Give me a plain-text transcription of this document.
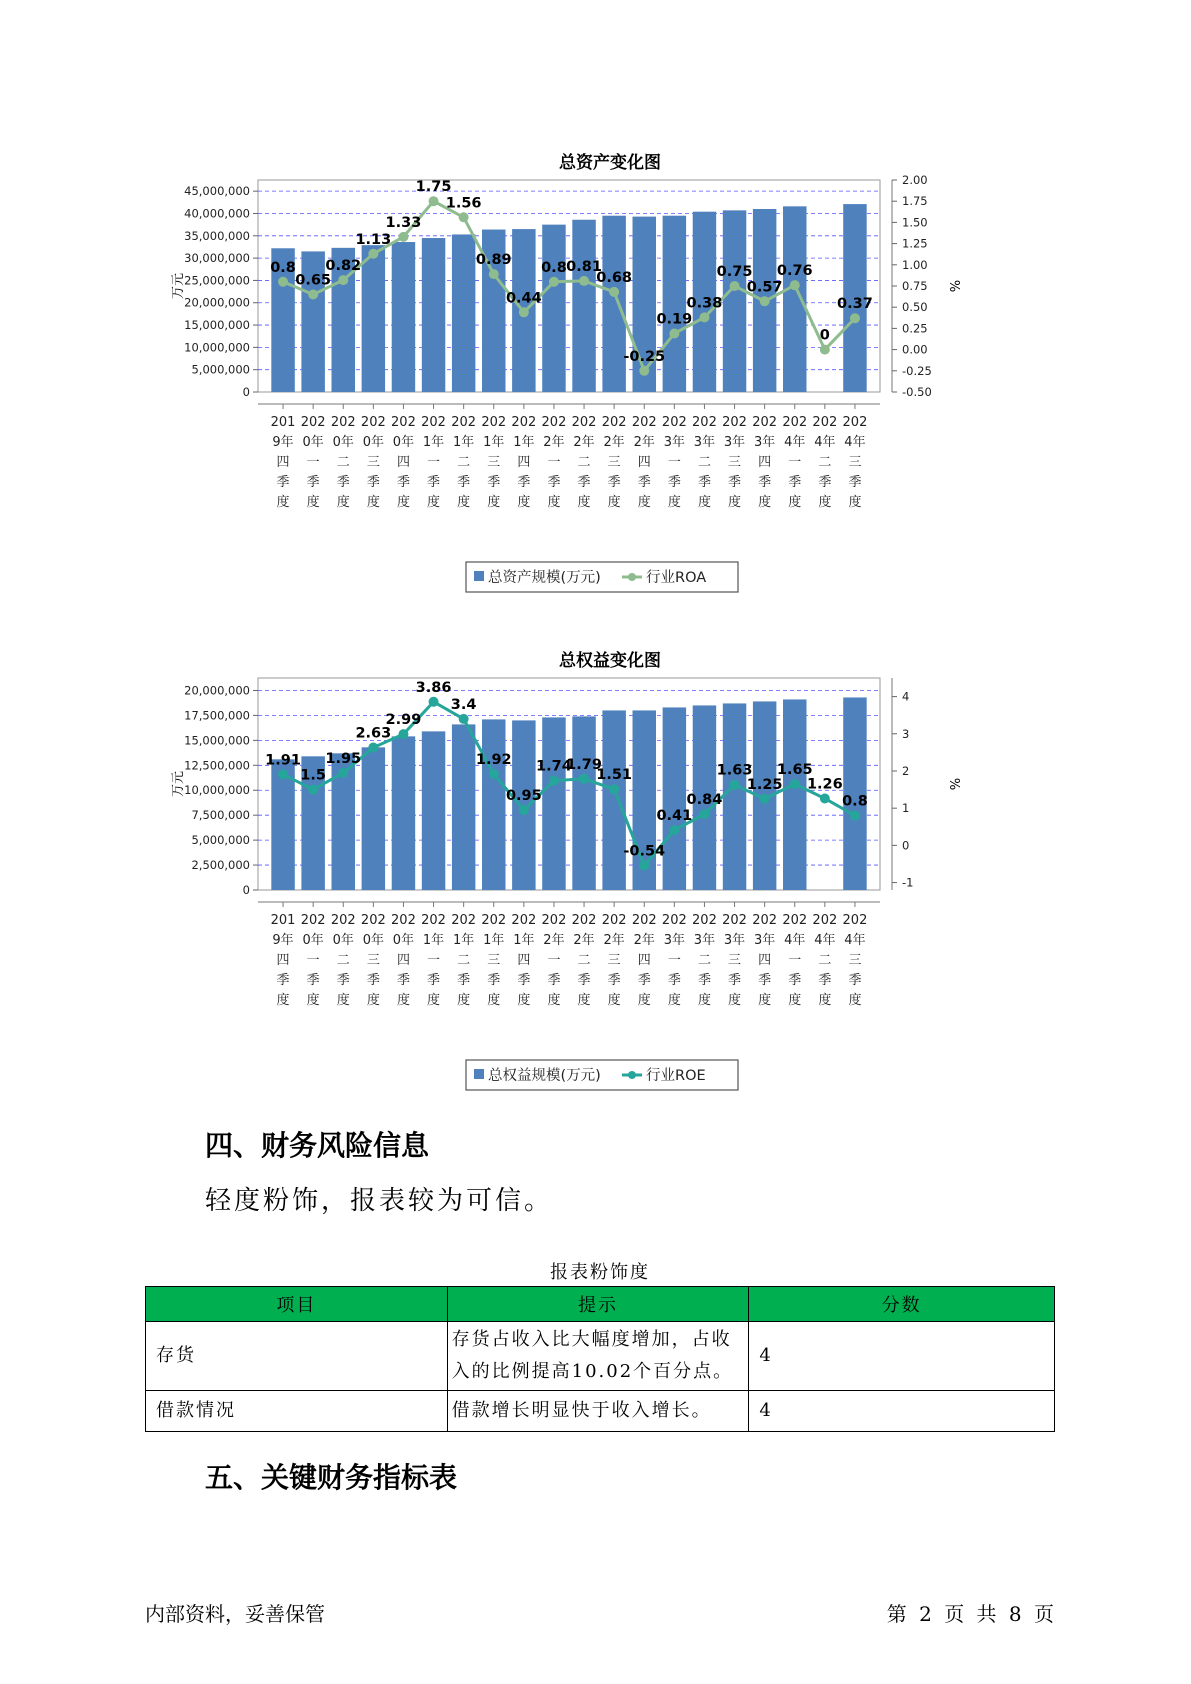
总资产变化图
0
5,000,000
10,000,000
15,000,000
20,000,000
25,000,000
30,000,000
35,000,000
40,000,000
45,000,000
-0.50
-0.25
0.00
0.25
0.50
0.75
1.00
1.25
1.50
1.75
2.00
万元	%
0.8
0.65
0.82
1.13
1.33
1.75
1.56
0.89
0.44
0.8 0.81
0.68
-0.25
0.19
0.38
0.75
0.57
0.76
0
0.37
201
9年
四
季
度
202
0年
一
季
度
202
0年
二
季
度
202
0年
三
季
度
202
0年
四
季
度
202
1年
一
季
度
202
1年
二
季
度
202
1年
三
季
度
202
1年
四
季
度
202
2年
一
季
度
202
2年
二
季
度
202
2年
三
季
度
202
2年
四
季
度
202
3年
一
季
度
202
3年
二
季
度
202
3年
三
季
度
202
3年
四
季
度
202
4年
一
季
度
202
4年
二
季
度
202
4年
三
季
度
总资产规模(万元)	行业ROA
总权益变化图
0
2,500,000
5,000,000
7,500,000
10,000,000
12,500,000
15,000,000
17,500,000
20,000,000
-1
0
1
2
3
4
万元	%
1.91
1.5
1.95
2.63
2.99
3.86
3.4
1.92
0.95
1.74
1.79
1.51
-0.54
0.41
0.84
1.63
1.25
1.65
1.26
0.8
201
9年
四
季
度
202
0年
一
季
度
202
0年
二
季
度
202
0年
三
季
度
202
0年
四
季
度
202
1年
一
季
度
202
1年
二
季
度
202
1年
三
季
度
202
1年
四
季
度
202
2年
一
季
度
202
2年
二
季
度
202
2年
三
季
度
202
2年
四
季
度
202
3年
一
季
度
202
3年
二
季
度
202
3年
三
季
度
202
3年
四
季
度
202
4年
一
季
度
202
4年
二
季
度
202
4年
三
季
度
总权益规模(万元)	行业ROE
四、财务风险信息

轻度粉饰，报表较为可信。

报表粉饰度
项目	提示	分数
存货	存货占收入比大幅度增加，占收入的比例提高10.02个百分点。	4
借款情况	借款增长明显快于收入增长。	4
五、关键财务指标表
内部资料，妥善保管	第 2 页 共 8 页
